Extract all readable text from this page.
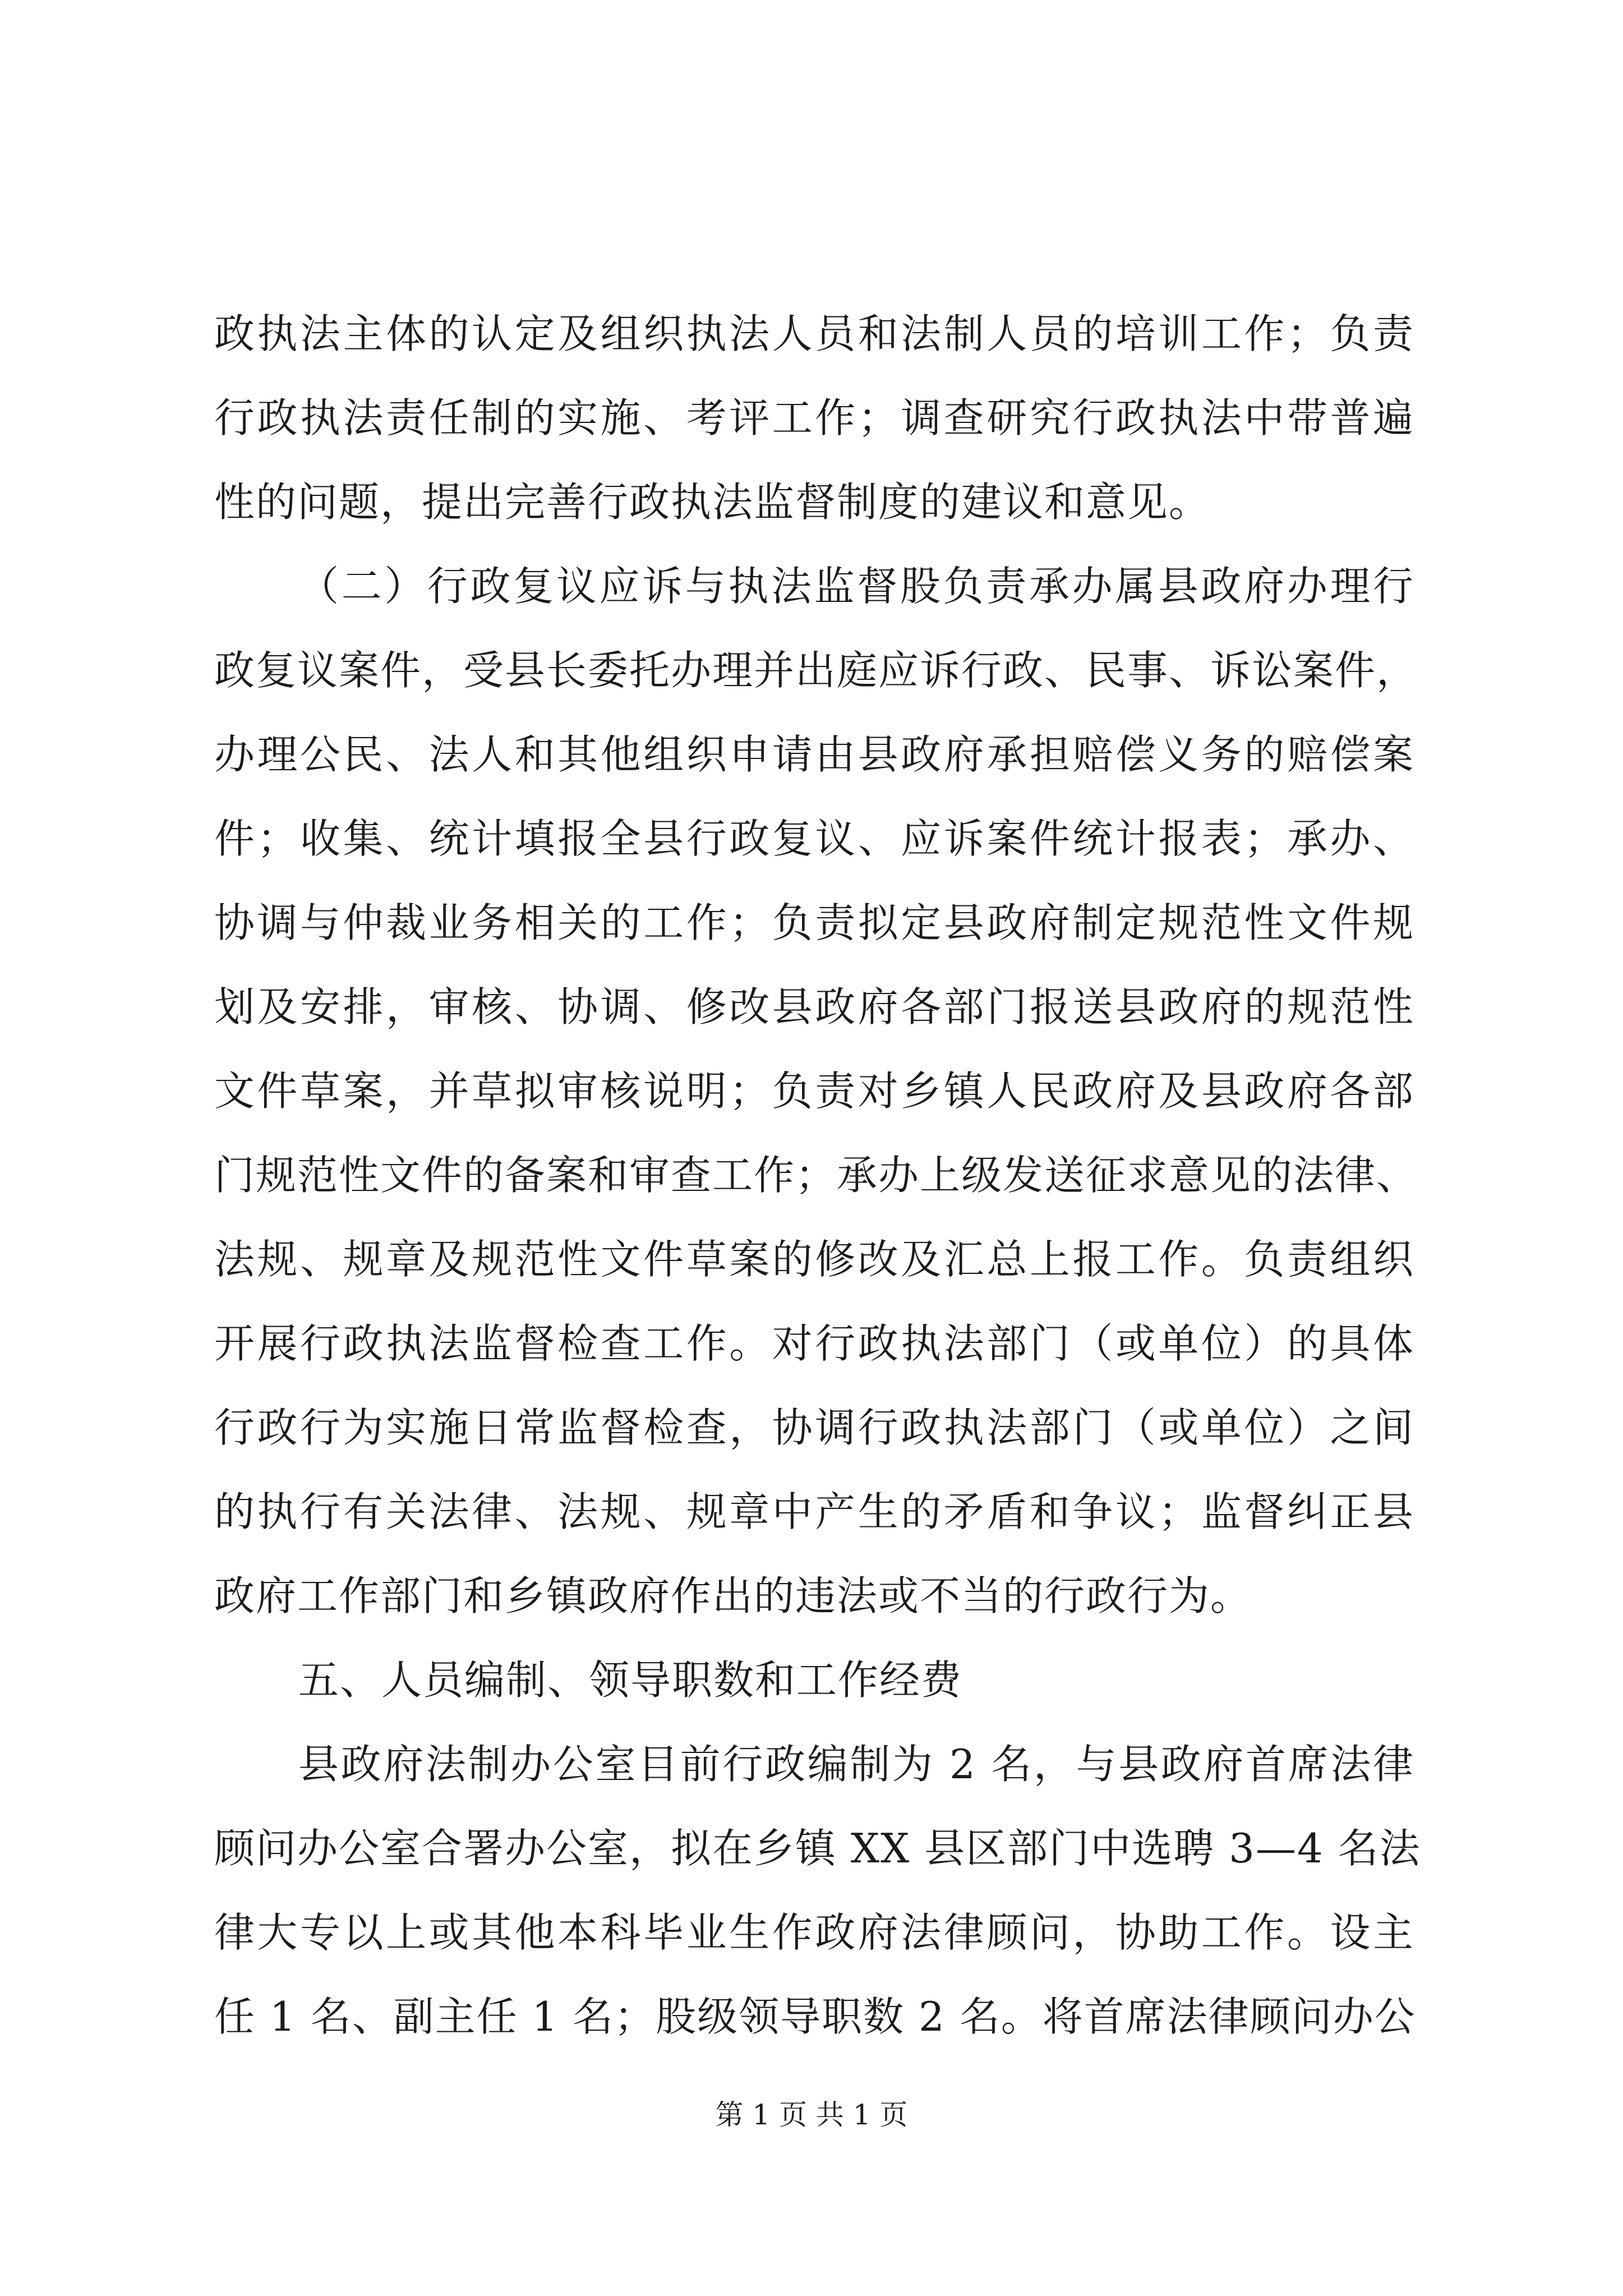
政执法主体的认定及组织执法人员和法制人员的培训工作；负责
行政执法责任制的实施、考评工作；调查研究行政执法中带普遍
性的问题，提出完善行政执法监督制度的建议和意见。
（二）行政复议应诉与执法监督股负责承办属县政府办理行
政复议案件，受县长委托办理并出庭应诉行政、民事、诉讼案件，
办理公民、法人和其他组织申请由县政府承担赔偿义务的赔偿案
件；收集、统计填报全县行政复议、应诉案件统计报表；承办、
协调与仲裁业务相关的工作；负责拟定县政府制定规范性文件规
划及安排，审核、协调、修改县政府各部门报送县政府的规范性
文件草案，并草拟审核说明；负责对乡镇人民政府及县政府各部
门规范性文件的备案和审查工作；承办上级发送征求意见的法律、
法规、规章及规范性文件草案的修改及汇总上报工作。负责组织
开展行政执法监督检查工作。对行政执法部门（或单位）的具体
行政行为实施日常监督检查，协调行政执法部门（或单位）之间
的执行有关法律、法规、规章中产生的矛盾和争议；监督纠正县
政府工作部门和乡镇政府作出的违法或不当的行政行为。
五、人员编制、领导职数和工作经费
县政府法制办公室目前行政编制为 2 名，与县政府首席法律
顾问办公室合署办公室，拟在乡镇 XX 县区部门中选聘 3—4 名法
律大专以上或其他本科毕业生作政府法律顾问，协助工作。设主
任 1 名、副主任 1 名；股级领导职数 2 名。将首席法律顾问办公
第 1 页 共 1 页
